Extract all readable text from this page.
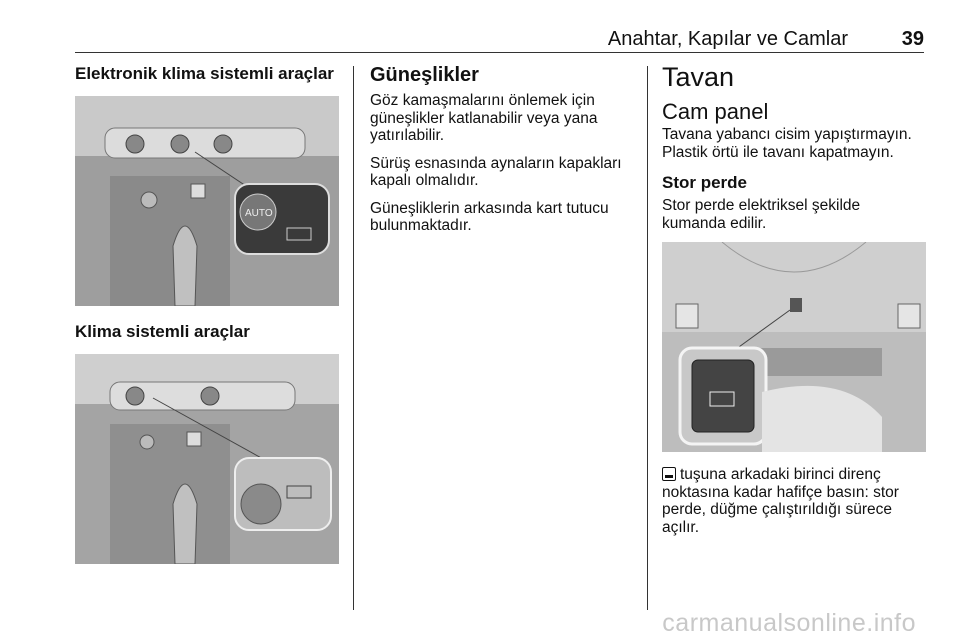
Anahtar, Kapılar ve Camlar	39
Elektronik klima sistemli araçlar
AUTO
Klima sistemli araçlar
Güneşlikler

Göz kamaşmalarını önlemek için güneşlikler katlanabilir veya yana yatırılabilir.

Sürüş esnasında aynaların kapakları kapalı olmalıdır.

Güneşliklerin arkasında kart tutucu bulunmaktadır.

Tavan
Cam panel

Tavana yabancı cisim yapıştırmayın. Plastik örtü ile tavanı kapatmayın.

Stor perde

Stor perde elektriksel şekilde kumanda edilir.

tuşuna arkadaki birinci direnç noktasına kadar hafifçe basın: stor perde, düğme çalıştırıldığı sürece açılır.

carmanualsonline.info
